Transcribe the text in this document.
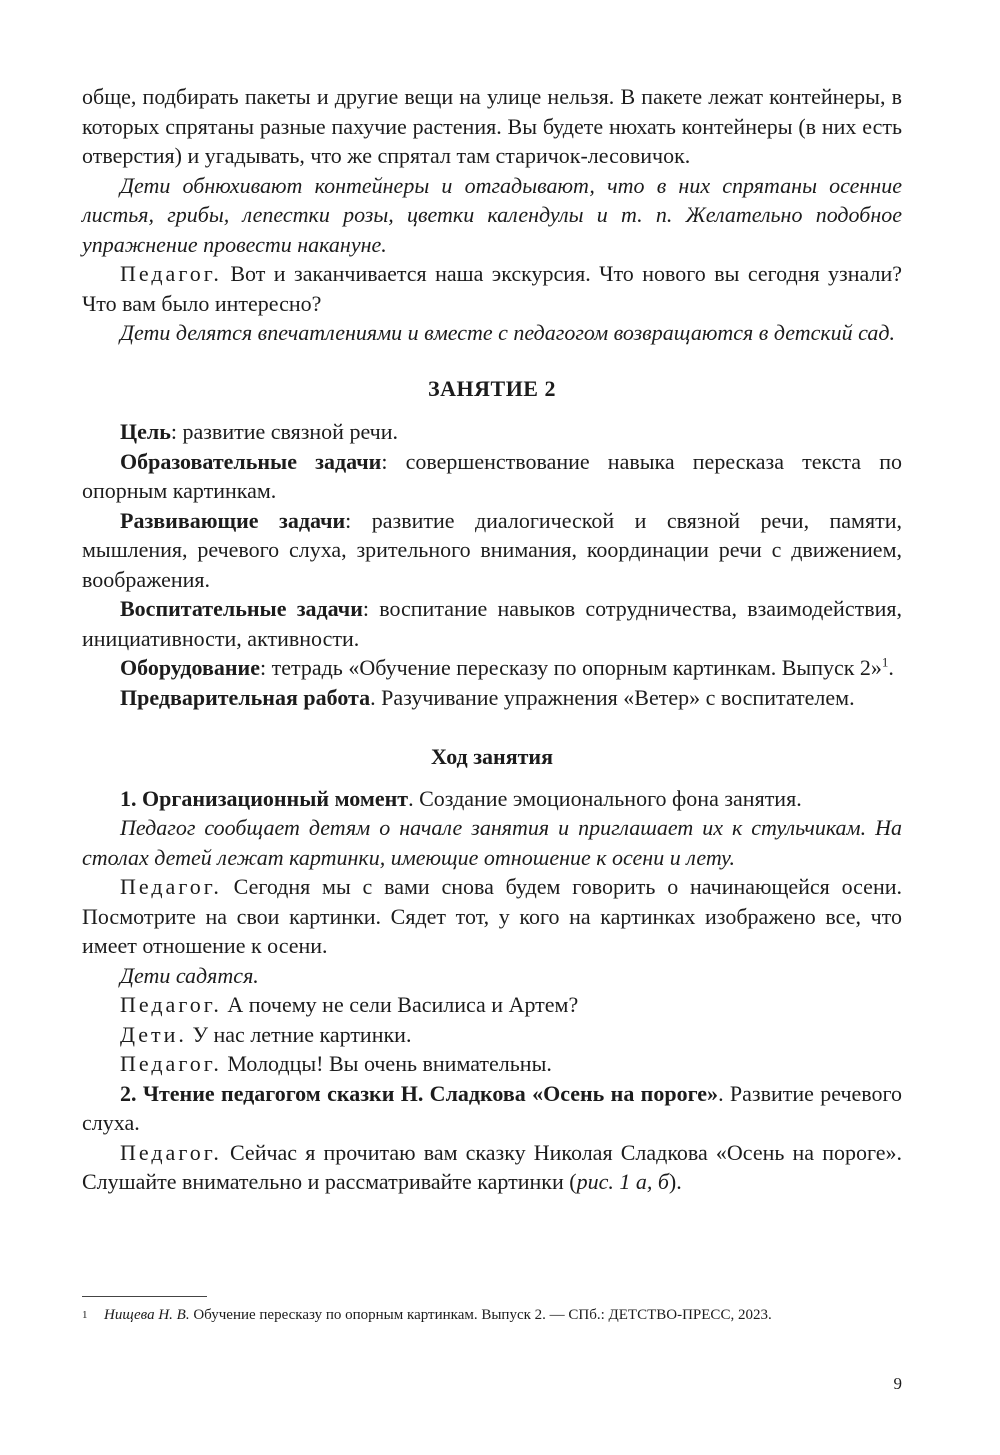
обще, подбирать пакеты и другие вещи на улице нельзя. В пакете лежат контейнеры, в которых спрятаны разные пахучие растения. Вы будете нюхать контейнеры (в них есть отверстия) и угадывать, что же спрятал там старичок-лесовичок.

Дети обнюхивают контейнеры и отгадывают, что в них спрятаны осенние листья, грибы, лепестки розы, цветки календулы и т. п. Желательно подобное упражнение провести накануне.

Педагог. Вот и заканчивается наша экскурсия. Что нового вы сегодня узнали? Что вам было интересно?

Дети делятся впечатлениями и вместе с педагогом возвращаются в детский сад.

ЗАНЯТИЕ 2

Цель: развитие связной речи.

Образовательные задачи: совершенствование навыка пересказа текста по опорным картинкам.

Развивающие задачи: развитие диалогической и связной речи, памяти, мышления, речевого слуха, зрительного внимания, координации речи с движением, воображения.

Воспитательные задачи: воспитание навыков сотрудничества, взаимодействия, инициативности, активности.

Оборудование: тетрадь «Обучение пересказу по опорным картинкам. Выпуск 2»$^1$.

Предварительная работа. Разучивание упражнения «Ветер» с воспитателем.

Ход занятия

1. Организационный момент. Создание эмоционального фона занятия.

Педагог сообщает детям о начале занятия и приглашает их к стульчикам. На столах детей лежат картинки, имеющие отношение к осени и лету.

Педагог. Сегодня мы с вами снова будем говорить о начинающейся осени. Посмотрите на свои картинки. Сядет тот, у кого на картинках изображено все, что имеет отношение к осени.

Дети садятся.

Педагог. А почему не сели Василиса и Артем?

Дети. У нас летние картинки.

Педагог. Молодцы! Вы очень внимательны.

2. Чтение педагогом сказки Н. Сладкова «Осень на пороге». Развитие речевого слуха.

Педагог. Сейчас я прочитаю вам сказку Николая Сладкова «Осень на пороге». Слушайте внимательно и рассматривайте картинки (рис. 1 а, б).

1 Нищева Н. В. Обучение пересказу по опорным картинкам. Выпуск 2. — СПб.: ДЕТСТВО-ПРЕСС, 2023.
9
